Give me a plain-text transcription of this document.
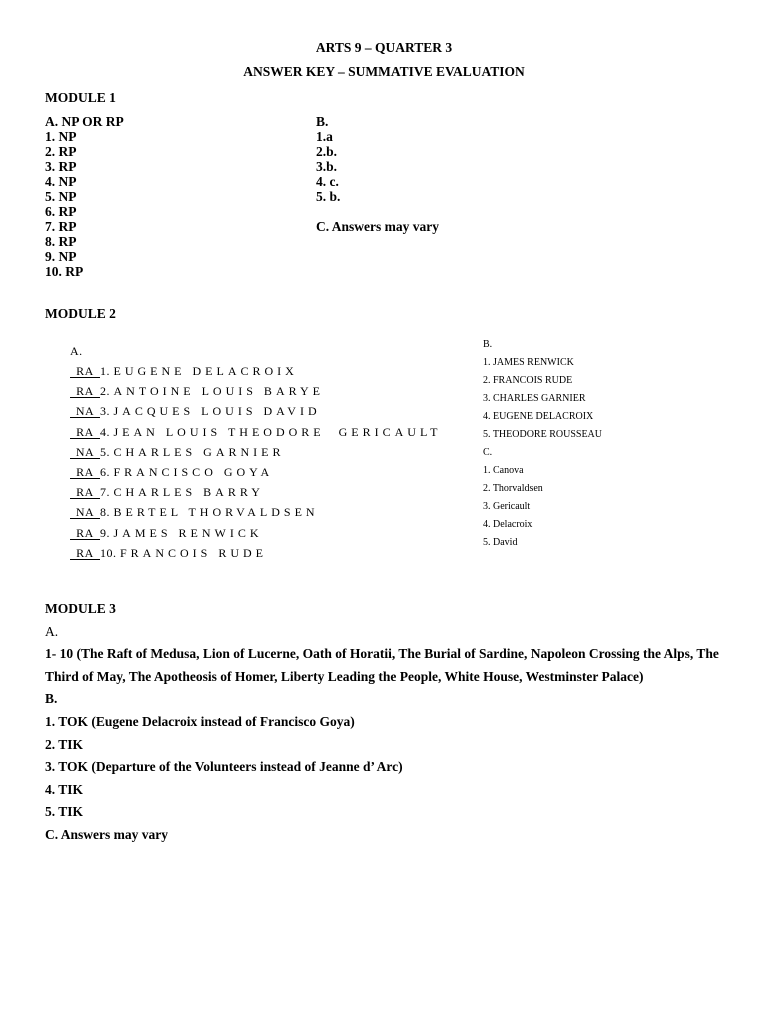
ARTS 9 – QUARTER 3
ANSWER KEY – SUMMATIVE EVALUATION
MODULE 1
A. NP OR RP
1. NP
2. RP
3. RP
4. NP
5. NP
6. RP
7. RP
8. RP
9. NP
10. RP
B.
1.a
2.b.
3.b.
4. c.
5. b.
C. Answers may vary
MODULE 2
A.
RA 1. EUGENE DELACROIX
RA 2. ANTOINE LOUIS BARYE
NA 3. JACQUES LOUIS DAVID
RA 4. JEAN LOUIS THEODORE  GERICAULT
NA 5. CHARLES GARNIER
RA 6. FRANCISCO GOYA
RA 7. CHARLES BARRY
NA 8. BERTEL THORVALDSEN
RA 9. JAMES RENWICK
RA 10. FRANCOIS RUDE
B.
1. JAMES RENWICK
2. FRANCOIS RUDE
3. CHARLES GARNIER
4. EUGENE DELACROIX
5. THEODORE ROUSSEAU
C.
1. Canova
2. Thorvaldsen
3. Gericault
4. Delacroix
5. David
MODULE 3
A.
1- 10 (The Raft of Medusa, Lion of Lucerne, Oath of Horatii, The Burial of Sardine, Napoleon Crossing the Alps, The Third of May, The Apotheosis of Homer, Liberty Leading the People, White House, Westminster Palace)
B.
1. TOK (Eugene Delacroix instead of Francisco Goya)
2. TIK
3. TOK (Departure of the Volunteers instead of Jeanne d’ Arc)
4. TIK
5. TIK
C. Answers may vary
